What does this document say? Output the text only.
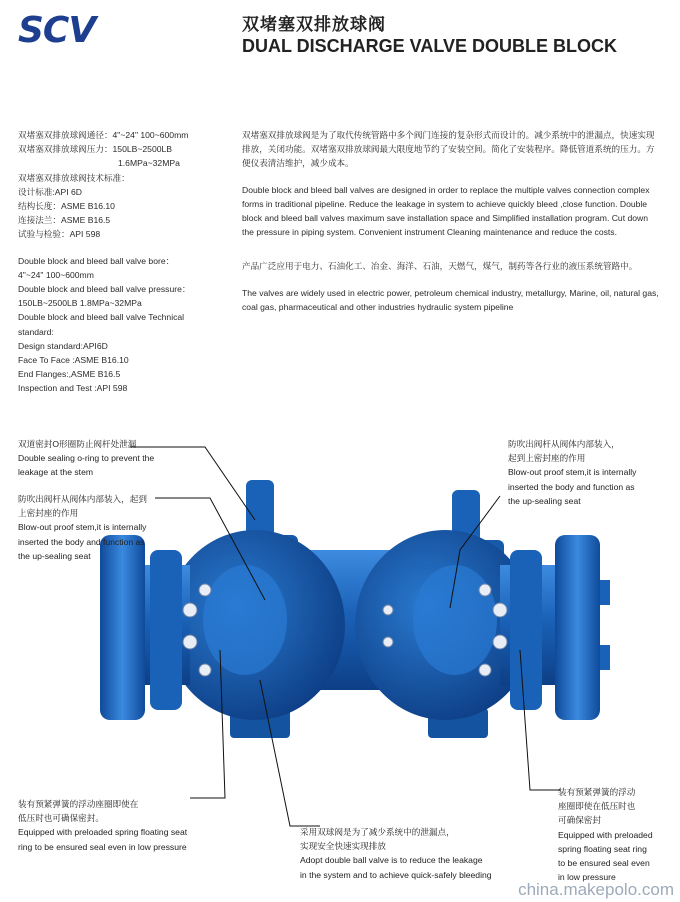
SCV	双堵塞双排放球阀
DUAL DISCHARGE VALVE DOUBLE BLOCK
双堵塞双排放球阀通径：4"~24" 100~600mm
双堵塞双排放球阀压力：150LB~2500LB
1.6MPa~32MPa
双堵塞双排放球阀技术标准：
设计标准:API 6D
结构长度：ASME B16.10
连接法兰：ASME B16.5
试验与检验：API 598
Double block and bleed ball valve bore：
4"~24" 100~600mm
Double block and bleed ball valve pressure：
150LB~2500LB 1.8MPa~32MPa
Double block and bleed ball valve Technical
standard:
Design standard:API6D
Face To Face :ASME B16.10
End Flanges:,ASME B16.5
Inspection and Test :API 598
双堵塞双排放球阀是为了取代传统管路中多个阀门连接的复杂形式而设计的。减少系统中的泄漏点，快速实现排放，关闭功能。双堵塞双排放球阀最大限度地节约了安装空间。简化了安装程序。降低管道系统的压力。方便仪表清洁维护，减少成本。
Double block and bleed ball valves are designed in order to replace the multiple valves connection complex forms in traditional pipeline. Reduce the leakage in system to achieve quickly bleed ,close function. Double block and bleed ball valves maximum save installation space and Simplified installation program. Cut down the pressure in piping system. Convenient instrument Cleaning maintenance and reduce the costs.
产品广泛应用于电力、石油化工、冶金、海洋、石油，天燃气，煤气，制药等各行业的液压系统管路中。
The valves are widely used in electric power, petroleum chemical industry, metallurgy, Marine, oil, natural gas, coal gas, pharmaceutical and other industries hydraulic system pipeline
双道密封O形圈防止阀杆处泄漏
Double sealing o-ring to prevent the
leakage at the stem
防吹出阀杆从阀体内部装入，起到
上密封座的作用
Blow-out proof stem,it is internally
inserted the body and function as
the up-sealing seat
防吹出阀杆从阀体内部装入，
起到上密封座的作用
Blow-out proof stem,it is internally
inserted the body and function as
the up-sealing seat
装有预紧弹簧的浮动座圈即使在
低压时也可确保密封。
Equipped with preloaded spring floating seat
ring to be ensured seal even in low pressure
采用双球阀是为了减少系统中的泄漏点，
实现安全快速实现排放
Adopt double ball valve is to reduce the leakage
in the system and to achieve quick-safely bleeding
装有预紧弹簧的浮动
座圈即使在低压时也
可确保密封
Equipped with preloaded
spring floating seat ring
to be ensured seal even
in low pressure
china.makepolo.com
